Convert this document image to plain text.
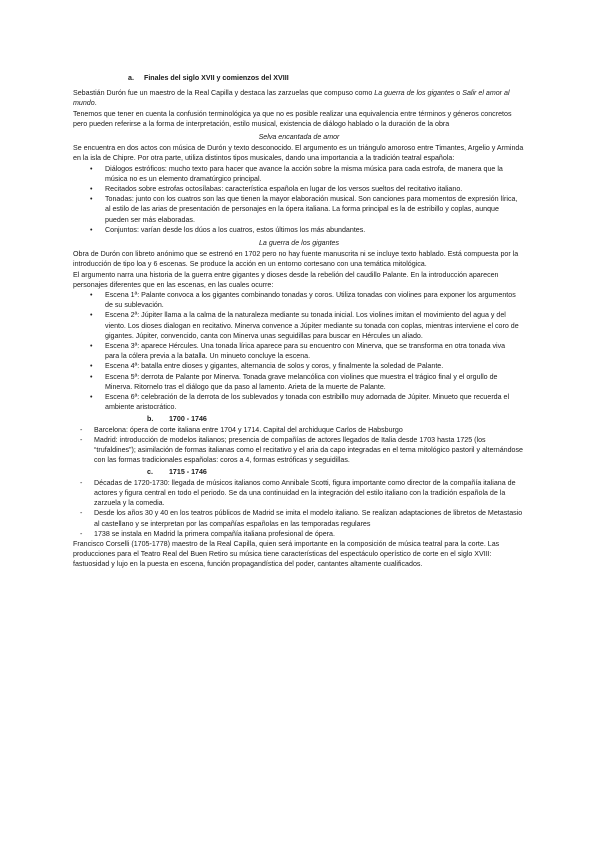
a. Finales del siglo XVII y comienzos del XVIII

Sebastián Durón fue un maestro de la Real Capilla y destaca las zarzuelas que compuso como La guerra de los gigantes o Salir el amor al mundo.

Tenemos que tener en cuenta la confusión terminológica ya que no es posible realizar una equivalencia entre términos y géneros concretos pero pueden referirse a la forma de interpretación, estilo musical, existencia de diálogo hablado o la duración de la obra

Selva encantada de amor

Se encuentra en dos actos con música de Durón y texto desconocido. El argumento es un triángulo amoroso entre Timantes, Argelio y Arminda en la isla de Chipre. Por otra parte, utiliza distintos tipos musicales, dando una importancia a la tradición teatral española:

• Diálogos estróficos: mucho texto para hacer que avance la acción sobre la misma música para cada estrofa, de manera que la música no es un elemento dramatúrgico principal.
• Recitados sobre estrofas octosílabas: característica española en lugar de los versos sueltos del recitativo italiano.
• Tonadas: junto con los cuatros son las que tienen la mayor elaboración musical. Son canciones para momentos de expresión lírica, al estilo de las arias de presentación de personajes en la ópera italiana. La forma principal es la de estribillo y coplas, aunque pueden ser más elaboradas.
• Conjuntos: varían desde los dúos a los cuatros, estos últimos los más abundantes.
La guerra de los gigantes

Obra de Durón con libreto anónimo que se estrenó en 1702 pero no hay fuente manuscrita ni se incluye texto hablado. Está compuesta por la introducción de tipo loa y 6 escenas. Se produce la acción en un entorno cortesano con una temática mitológica.

El argumento narra una historia de la guerra entre gigantes y dioses desde la rebelión del caudillo Palante. En la introducción aparecen personajes diferentes que en las escenas, en las cuales ocurre:

• Escena 1ª: Palante convoca a los gigantes combinando tonadas y coros. Utiliza tonadas con violines para exponer los argumentos de su sublevación.
• Escena 2ª: Júpiter llama a la calma de la naturaleza mediante su tonada inicial. Los violines imitan el movimiento del agua y del viento. Los dioses dialogan en recitativo. Minerva convence a Júpiter mediante su tonada con coplas, mientras interviene el coro de gigantes. Júpiter, convencido, canta con Minerva unas seguidillas para buscar en Hércules un aliado.
• Escena 3ª: aparece Hércules. Una tonada lírica aparece para su encuentro con Minerva, que se transforma en otra tonada viva para la cólera previa a la batalla. Un minueto concluye la escena.
• Escena 4ª: batalla entre dioses y gigantes, alternancia de solos y coros, y finalmente la soledad de Palante.
• Escena 5ª: derrota de Palante por Minerva. Tonada grave melancólica con violines que muestra el trágico final y el orgullo de Minerva. Ritornelo tras el diálogo que da paso al lamento. Arieta de la muerte de Palante.
• Escena 6ª: celebración de la derrota de los sublevados y tonada con estribillo muy adornada de Júpiter. Minueto que recuerda el ambiente aristocrático.
b. 1700 - 1746
- Barcelona: ópera de corte italiana entre 1704 y 1714. Capital del archiduque Carlos de Habsburgo
- Madrid: introducción de modelos italianos; presencia de compañías de actores llegados de Italia desde 1703 hasta 1725 (los “trufaldines”); asimilación de formas italianas como el recitativo y el aria da capo integradas en el tema mitológico pastoril y alternándose con las formas tradicionales españolas: coros a 4, formas estróficas y seguidillas.
c. 1715 - 1746
- Décadas de 1720-1730: llegada de músicos italianos como Annibale Scotti, figura importante como director de la compañía italiana de actores y figura central en todo el periodo. Se da una continuidad en la integración del estilo italiano con la tradición española de la zarzuela y la comedia.
- Desde los años 30 y 40 en los teatros públicos de Madrid se imita el modelo italiano. Se realizan adaptaciones de libretos de Metastasio al castellano y se interpretan por las compañías españolas en las temporadas regulares
- 1738 se instala en Madrid la primera compañía italiana profesional de ópera.

Francisco Corselli (1705-1778) maestro de la Real Capilla, quien será importante en la composición de música teatral para la corte. Las producciones para el Teatro Real del Buen Retiro su música tiene características del espectáculo operístico de corte en el siglo XVIII: fastuosidad y lujo en la puesta en escena, función propagandística del poder, cantantes altamente cualificados.
